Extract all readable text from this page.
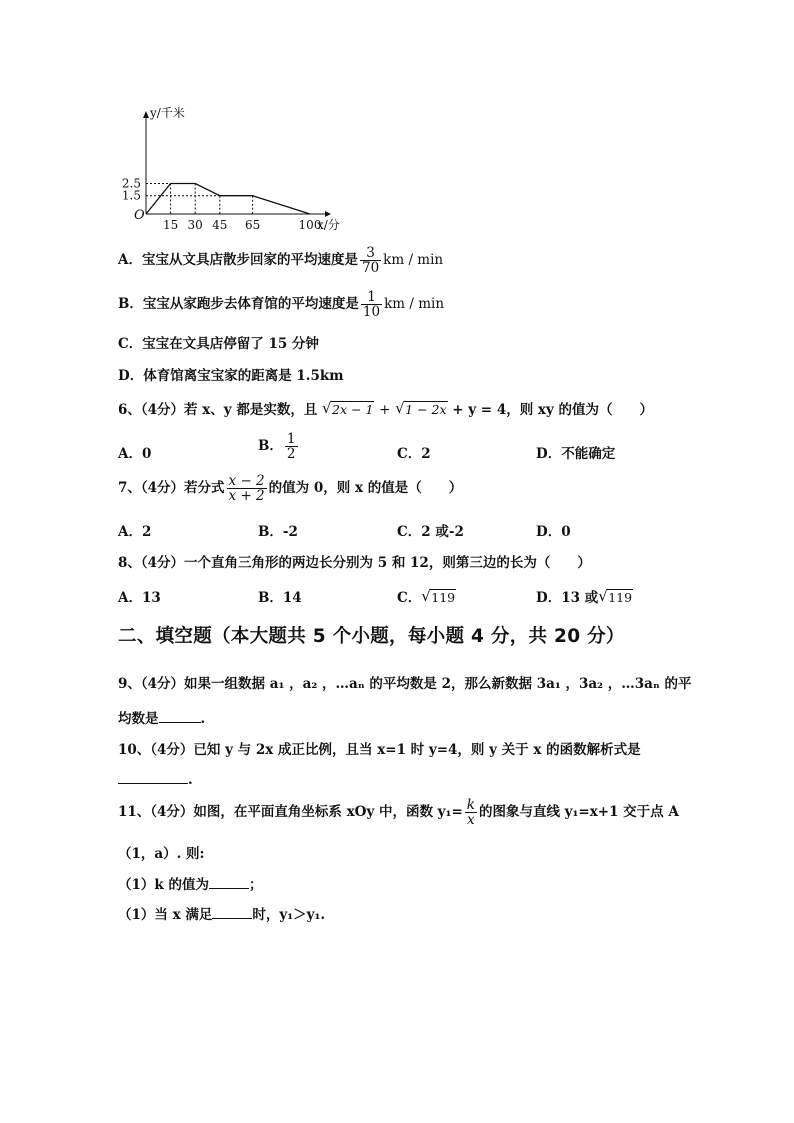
15 30 45 65	100
2.5
1.5
O
y/千米
x/分
A．宝宝从文具店散步回家的平均速度是 $\frac{3}{70}$ km / min
B．宝宝从家跑步去体育馆的平均速度是 $\frac{1}{10}$ km / min
C．宝宝在文具店停留了 15 分钟
D．体育馆离宝宝家的距离是 1.5km
6、（4分）若 x、y 都是实数，且 √ 2x − 1 + √ 1 − 2x + y = 4，则 xy 的值为（　　）
A．0	B． $\frac{1}{2}$	C．2	D．不能确定
7、（4分）若分式 $\frac{x - 2}{x + 2}$ 的值为 0，则 x 的值是（　　）
A．2	B．-2	C．2 或-2	D．0
8、（4分）一个直角三角形的两边长分别为 5 和 12，则第三边的长为（　　）
A．13	B．14	C． √ 119	D．13 或 √ 119
二、填空题（本大题共 5 个小题，每小题 4 分，共 20 分）
9、（4分）如果一组数据 a₁ ，a₂ ，…aₙ 的平均数是 2，那么新数据 3a₁ ，3a₂ ，…3aₙ 的平
均数是	.
10、（4分）已知 y 与 2x 成正比例，且当 x=1 时 y=4，则 y 关于 x 的函数解析式是
.
11、（4分）如图，在平面直角坐标系 xOy 中，函数 $y_1= \frac{k}{x}$ 的图象与直线 y₁=x+1 交于点 A
（1，a）. 则:
（1）k 的值为	；
（1）当 x 满足	时，y₁＞y₁.
